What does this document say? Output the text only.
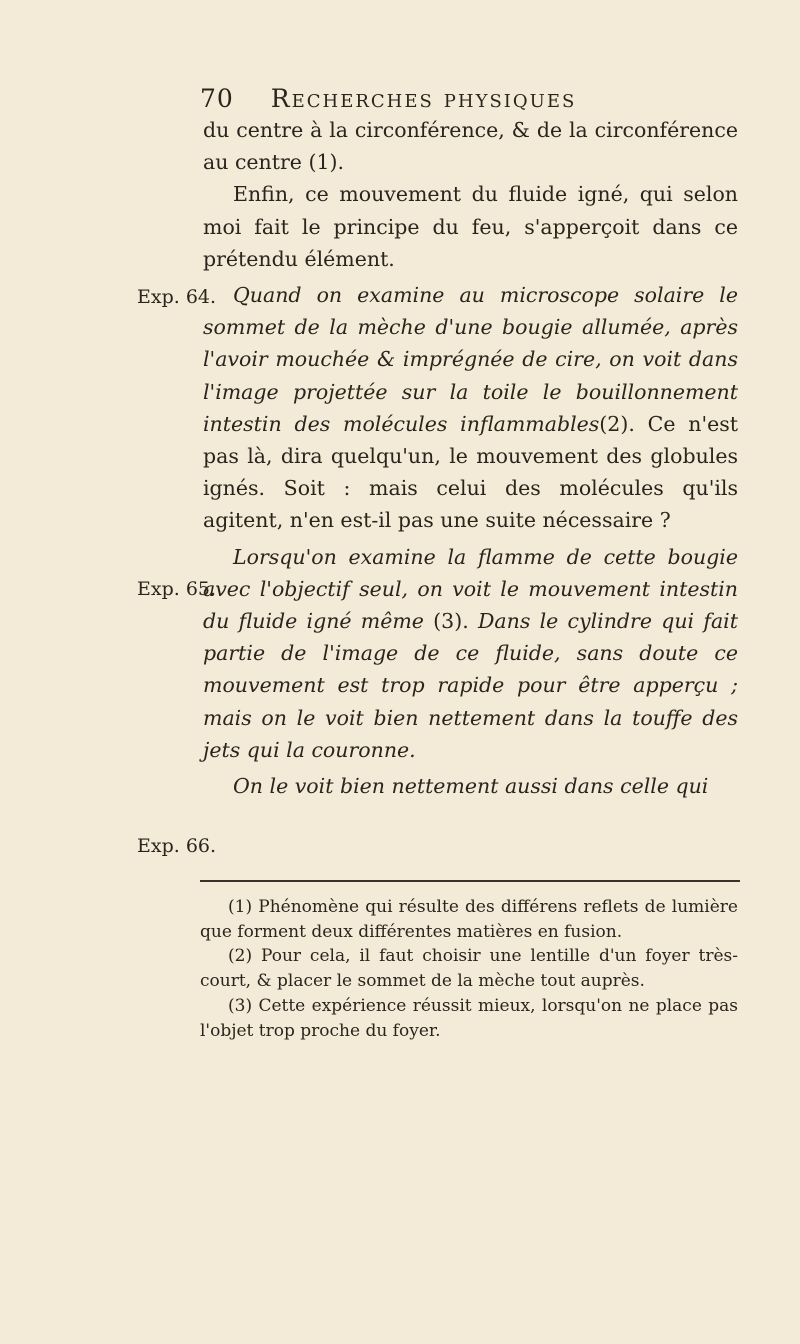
70 Recherches physiques

du centre à la circonférence, & de la circonférence au centre (1).

Enfin, ce mouvement du fluide igné, qui selon moi fait le principe du feu, s'apperçoit dans ce prétendu élément.

Quand on examine au microscope solaire le sommet de la mèche d'une bougie allumée, après l'avoir mouchée & imprégnée de cire, on voit dans l'image projettée sur la toile le bouillonnement intestin des molécules inflammables(2). Ce n'est pas là, dira quelqu'un, le mouvement des globules ignés. Soit : mais celui des molécules qu'ils agitent, n'en est-il pas une suite nécessaire ?

Lorsqu'on examine la flamme de cette bougie avec l'objectif seul, on voit le mouvement intestin du fluide igné même (3). Dans le cylindre qui fait partie de l'image de ce fluide, sans doute ce mouvement est trop rapide pour être apperçu ; mais on le voit bien nettement dans la touffe des jets qui la couronne.

On le voit bien nettement aussi dans celle qui

Exp. 64.
Exp. 65.
Exp. 66.

(1) Phénomène qui résulte des différens reflets de lumière que forment deux différentes matières en fusion.

(2) Pour cela, il faut choisir une lentille d'un foyer très-court, & placer le sommet de la mèche tout auprès.

(3) Cette expérience réussit mieux, lorsqu'on ne place pas l'objet trop proche du foyer.
